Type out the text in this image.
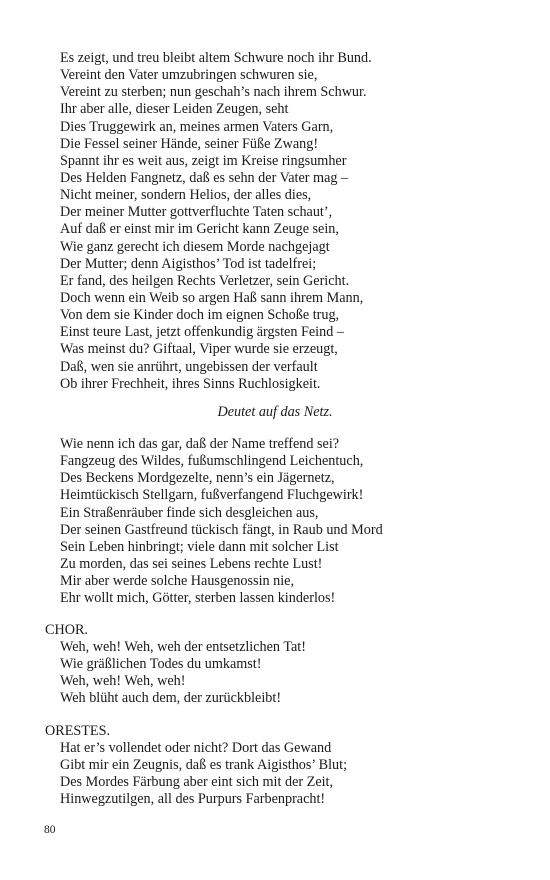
Es zeigt, und treu bleibt altem Schwure noch ihr Bund.
Vereint den Vater umzubringen schwuren sie,
Vereint zu sterben; nun geschah’s nach ihrem Schwur.
Ihr aber alle, dieser Leiden Zeugen, seht
Dies Truggewirk an, meines armen Vaters Garn,
Die Fessel seiner Hände, seiner Füße Zwang!
Spannt ihr es weit aus, zeigt im Kreise ringsumher
Des Helden Fangnetz, daß es sehn der Vater mag –
Nicht meiner, sondern Helios, der alles dies,
Der meiner Mutter gottverfluchte Taten schaut’,
Auf daß er einst mir im Gericht kann Zeuge sein,
Wie ganz gerecht ich diesem Morde nachgejagt
Der Mutter; denn Aigisthos’ Tod ist tadelfrei;
Er fand, des heilgen Rechts Verletzer, sein Gericht.
Doch wenn ein Weib so argen Haß sann ihrem Mann,
Von dem sie Kinder doch im eignen Schoße trug,
Einst teure Last, jetzt offenkundig ärgsten Feind –
Was meinst du? Giftaal, Viper wurde sie erzeugt,
Daß, wen sie anrührt, ungebissen der verfault
Ob ihrer Frechheit, ihres Sinns Ruchlosigkeit.
Deutet auf das Netz.
Wie nenn ich das gar, daß der Name treffend sei?
Fangzeug des Wildes, fußumschlingend Leichentuch,
Des Beckens Mordgezelte, nenn’s ein Jägernetz,
Heimtückisch Stellgarn, fußverfangend Fluchgewirk!
Ein Straßenräuber finde sich desgleichen aus,
Der seinen Gastfreund tückisch fängt, in Raub und Mord
Sein Leben hinbringt; viele dann mit solcher List
Zu morden, das sei seines Lebens rechte Lust!
Mir aber werde solche Hausgenossin nie,
Ehr wollt mich, Götter, sterben lassen kinderlos!
CHOR.
Weh, weh! Weh, weh der entsetzlichen Tat!
Wie gräßlichen Todes du umkamst!
Weh, weh! Weh, weh!
Weh blüht auch dem, der zurückbleibt!
ORESTES.
Hat er’s vollendet oder nicht? Dort das Gewand
Gibt mir ein Zeugnis, daß es trank Aigisthos’ Blut;
Des Mordes Färbung aber eint sich mit der Zeit,
Hinwegzutilgen, all des Purpurs Farbenpracht!
80
